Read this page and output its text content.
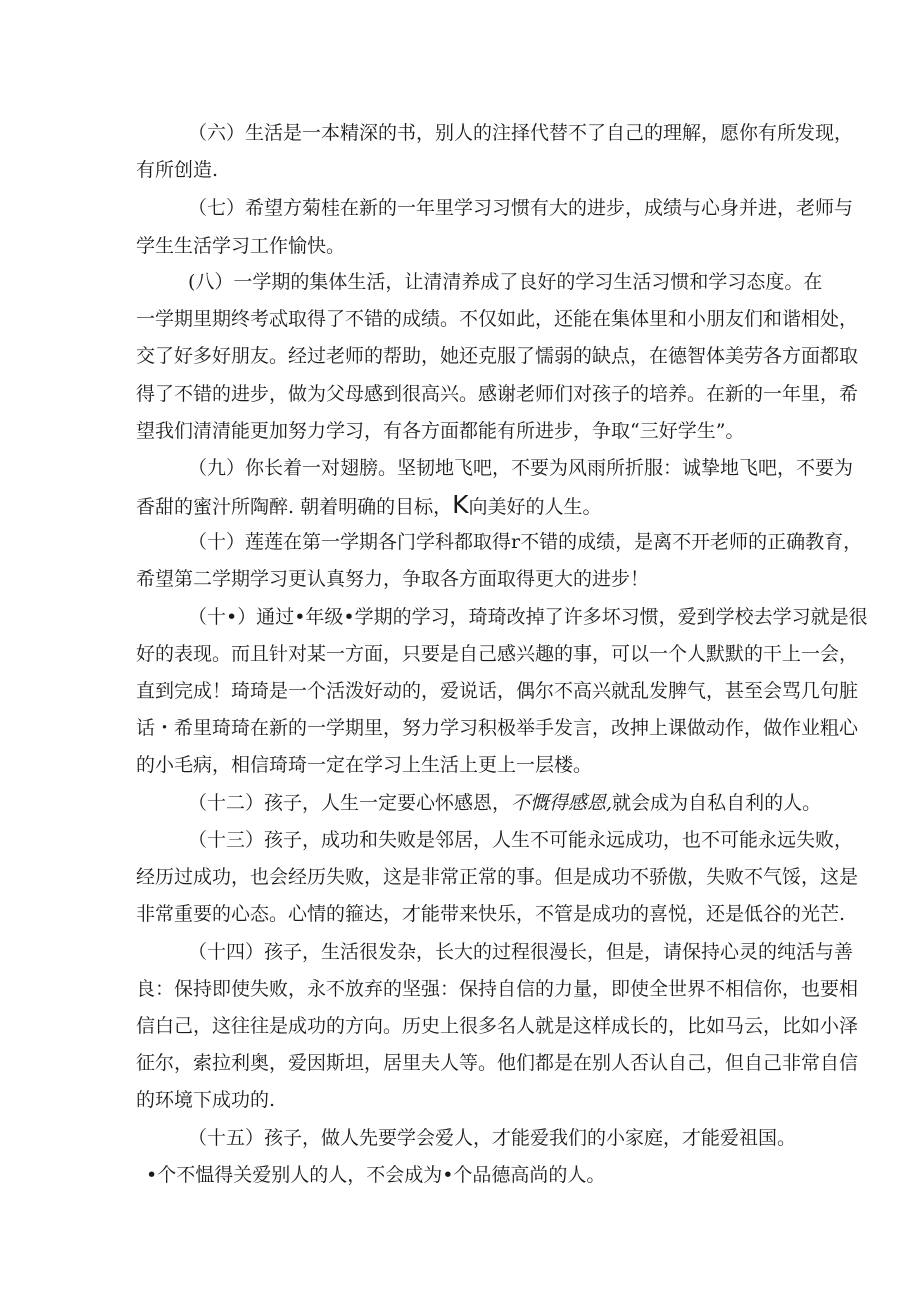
（六）生活是一本精深的书，别人的注择代替不了自己的理解，愿你有所发现，
有所创造.
（七）希望方菊桂在新的一年里学习习惯有大的进步，成绩与心身并进，老师与
学生生活学习工作愉快。
(八）一学期的集体生活，让清清养成了良好的学习生活习惯和学习态度。在
一学期里期终考忒取得了不错的成绩。不仅如此，还能在集体里和小朋友们和谐相处，
交了好多好朋友。经过老师的帮助，她还克服了懦弱的缺点，在德智体美劳各方面都取
得了不错的进步，做为父母感到很高兴。感谢老师们对孩子的培养。在新的一年里，希
望我们清清能更加努力学习，有各方面都能有所进步，争取“三好学生”。
（九）你长着一对翅膀。坚韧地飞吧，不要为风雨所折服：诚挚地飞吧，不要为
香甜的蜜汁所陶醉. 朝着明确的目标，K向美好的人生。
（十）莲莲在第一学期各门学科都取得r不错的成绩，是离不开老师的正确教育，
希望第二学期学习更认真努力，争取各方面取得更大的进步！
（十•）通过•年级•学期的学习，琦琦改掉了许多坏习惯，爱到学校去学习就是很
好的表现。而且针对某一方面，只要是自己感兴趣的事，可以一个人默默的干上一会，
直到完成！琦琦是一个活泼好动的，爱说话，偶尔不高兴就乱发脾气，甚至会骂几句脏
话・希里琦琦在新的一学期里，努力学习积极举手发言，改抻上课做动作，做作业粗心
的小毛病，相信琦琦一定在学习上生活上更上一层楼。
（十二）孩子，人生一定要心怀感恩，不慨得感恩,就会成为自私自利的人。
（十三）孩子，成功和失败是邻居，人生不可能永远成功，也不可能永远失败，
经历过成功，也会经历失败，这是非常正常的事。但是成功不骄傲，失败不气馁，这是
非常重要的心态。心情的箍达，才能带来快乐，不管是成功的喜悦，还是低谷的光芒.
（十四）孩子，生活很发杂，长大的过程很漫长，但是，请保持心灵的纯活与善
良：保持即使失败，永不放弃的坚强：保持自信的力量，即使全世界不相信你，也要相
信白己，这往往是成功的方向。历史上很多名人就是这样成长的，比如马云，比如小泽
征尔，索拉利奥，爱因斯坦，居里夫人等。他们都是在别人否认自己，但自己非常自信
的环境下成功的.
（十五）孩子，做人先要学会爱人，才能爱我们的小家庭，才能爱祖国。
•个不愠得关爱别人的人，不会成为•个品德高尚的人。
